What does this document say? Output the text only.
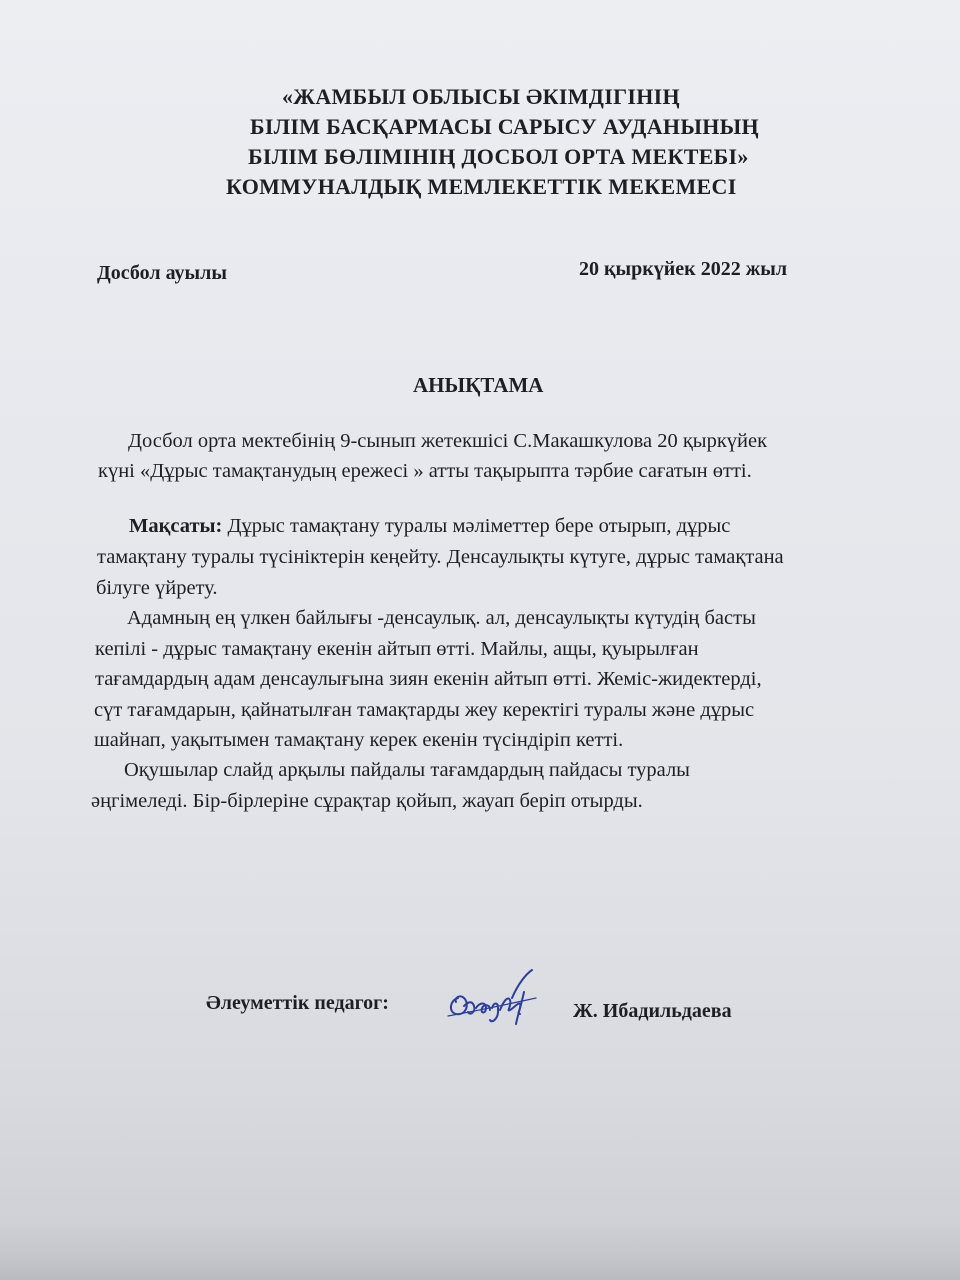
«ЖАМБЫЛ ОБЛЫСЫ ӘКІМДІГІНІҢ

БІЛІМ БАСҚАРМАСЫ САРЫСУ АУДАНЫНЫҢ

БІЛІМ БӨЛІМІНІҢ ДОСБОЛ ОРТА МЕКТЕБІ»

КОММУНАЛДЫҚ МЕМЛЕКЕТТІК МЕКЕМЕСІ

Досбол ауылы	20 қыркүйек 2022 жыл

АНЫҚТАМА

Досбол орта мектебінің 9-сынып жетекшісі С.Макашкулова 20 қыркүйек

күні «Дұрыс тамақтанудың ережесі » атты тақырыпта тәрбие сағатын өтті.

Мақсаты: Дұрыс тамақтану туралы мәліметтер бере отырып, дұрыс

тамақтану туралы түсініктерін кеңейту. Денсаулықты күтуге, дұрыс тамақтана

білуге үйрету.

Адамның ең үлкен байлығы -денсаулық. ал, денсаулықты күтудің басты

кепілі - дұрыс тамақтану екенін айтып өтті. Майлы, ащы, қуырылған

тағамдардың адам денсаулығына зиян екенін айтып өтті. Жеміс-жидектерді,

сүт тағамдарын, қайнатылған тамақтарды жеу керектігі туралы және дұрыс

шайнап, уақытымен тамақтану керек екенін түсіндіріп кетті.

Оқушылар слайд арқылы пайдалы тағамдардың пайдасы туралы

әңгімеледі. Бір-бірлеріне сұрақтар қойып, жауап беріп отырды.

Әлеуметтік педагог:	Ж. Ибадильдаева
